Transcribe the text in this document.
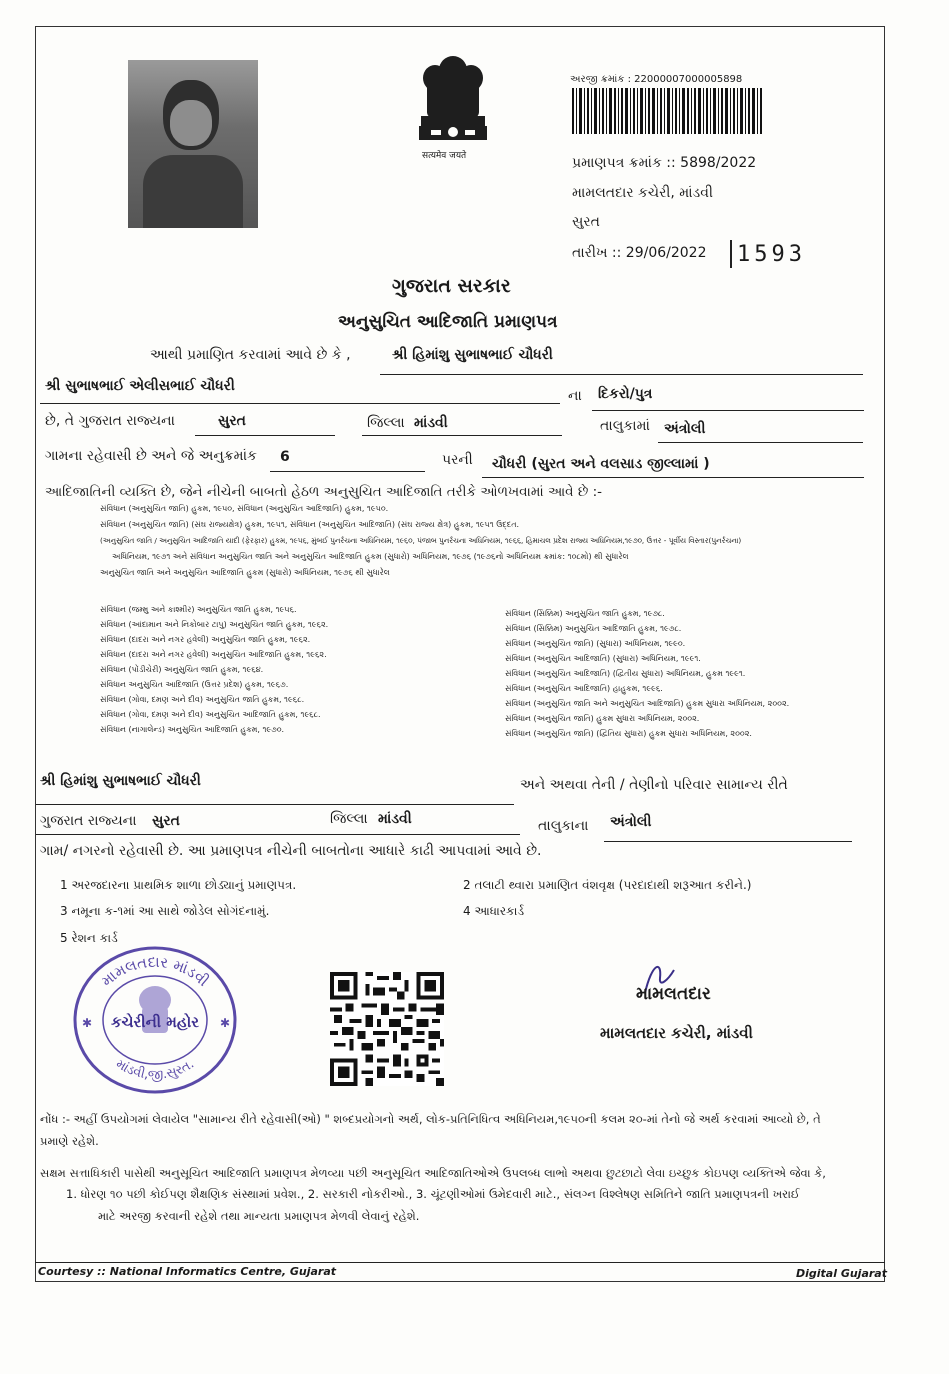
सत्यमेव जयते
અરજી ક્રમાંક : 22000007000005898
પ્રમાણપત્ર ક્રમાંક :: 5898/2022
મામલતદાર કચેરી, માંડવી
સુરત
તારીખ :: 29/06/2022 1593
ગુજરાત સરકાર
અનુસુચિત આદિજાતિ પ્રમાણપત્ર
આથી પ્રમાણિત કરવામાં આવે છે કે ,	શ્રી હિમાંશુ સુભાષભાઈ ચૌધરી
શ્રી સુભાષભાઈ એલીસભાઈ ચૌધરી
ના દિકરો/પુત્ર
છે, તે ગુજરાત રાજ્યના	સુરત	જિલ્લા માંડવી	તાલુકામાં અંત્રોલી
ગામના રહેવાસી છે અને જે અનુક્રમાંક 6	પરની ચૌધરી (સુરત અને વલસાડ જીલ્લામાં )
આદિજાતિની વ્યક્તિ છે, જેને નીચેની બાબતો હેઠળ અનુસુચિત આદિજાતિ તરીકે ઓળખવામાં આવે છે :-
સંવિધાન (અનુસુચિત જાતિ) હુકમ, ૧૯૫૦, સંવિધાન (અનુસુચિત આદિજાતિ) હુકમ, ૧૯૫૦.
સંવિધાન (અનુસુચિત જાતિ) (સંઘ રાજ્યક્ષેત્ર) હુકમ, ૧૯૫૧, સંવિધાન (અનુસુચિત આદિજાતિ) (સંઘ રાજ્ય ક્ષેત્ર) હુકમ, ૧૯૫૧ ઉદ્દત.
(અનુસુચિત જાતિ / અનુસુચિત આદિજાતિ યાદી (ફેરફાર) હુકમ, ૧૯૫૬, મુંબઈ પુનર્રચના અધિનિયમ, ૧૯૬૦, પંજાબ પુનર્રચના અધિનિયમ, ૧૯૬૬, હિમાચલ પ્રદેશ રાજ્ય અધિનિયમ,૧૯૭૦, ઉત્તર - પૂર્વીય વિસ્તાર(પુનર્રચના)
અધિનિયમ, ૧૯૭૧ અને સંવિધાન અનુસુચિત જાતિ અને અનુસુચિત આદિજાતિ હુકમ (સુધારો) અધિનિયમ, ૧૯૭૬ (૧૯૭૬નો અધિનિયમ ક્રમાંક: ૧૦૮મો) થી સુધારેલ
અનુસુચિત જાતિ અને અનુસુચિત આદિજાતિ હુકમ (સુધારો) અધિનિયમ, ૧૯૭૬ થી સુધારેલ
સંવિધાન (જમ્મુ અને કાશ્મીર) અનુસુચિત જાતિ હુકમ, ૧૯૫૬.
સંવિધાન (આંદામાન અને નિકોબાર ટાપુ) અનુસુચિત જાતિ હુકમ, ૧૯૬૨.
સંવિધાન (દાદરા અને નગર હવેલી) અનુસુચિત જાતિ હુકમ, ૧૯૬૨.
સંવિધાન (દાદરા અને નગર હવેલી) અનુસુચિત આદિજાતિ હુકમ, ૧૯૬૨.
સંવિધાન (પોંડીચેરી) અનુસુચિત જાતિ હુકમ, ૧૯૬૪.
સંવિધાન અનુસુચિત આદિજાતિ (ઉત્તર પ્રદેશ) હુકમ, ૧૯૬૭.
સંવિધાન (ગોવા, દમણ અને દીવ) અનુસુચિત જાતિ હુકમ, ૧૯૬૮.
સંવિધાન (ગોવા, દમણ અને દીવ) અનુસુચિત આદિજાતિ હુકમ, ૧૯૬૮.
સંવિધાન (નાગાલેન્ડ) અનુસુચિત આદિજાતિ હુકમ, ૧૯૭૦.
સંવિધાન (સિક્કિમ) અનુસુચિત જાતિ હુકમ, ૧૯૭૮.
સંવિધાન (સિક્કિમ) અનુસુચિત આદિજાતિ હુકમ, ૧૯૭૮.
સંવિધાન (અનુસુચિત જાતિ) (સુધારા) અધિનિયમ, ૧૯૯૦.
સંવિધાન (અનુસુચિત આદિજાતિ) (સુધારા) અધિનિયમ, ૧૯૯૧.
સંવિધાન (અનુસુચિત આદિજાતિ) (દ્વિતીય સુધારા) અધિનિયમ, હુકમ ૧૯૯૧.
સંવિધાન (અનુસુચિત આદિજાતિ) હાહુકમ, ૧૯૯૬.
સંવિધાન (અનુસુચિત જાતિ અને અનુસુચિત આદિજાતિ) હુકમ સુધારા અધિનિયમ, ૨૦૦૨.
સંવિધાન (અનુસુચિત જાતિ) હુકમ સુધારા અધિનિયમ, ૨૦૦૨.
સંવિધાન (અનુસુચિત જાતિ) (દ્વિતિય સુધારા) હુકમ સુધારા અધિનિયમ, ૨૦૦૨.
શ્રી હિમાંશુ સુભાષભાઈ ચૌધરી	અને અથવા તેની / તેણીનો પરિવાર સામાન્ય રીતે
ગુજરાત રાજ્યના સુરત	જિલ્લા માંડવી	તાલુકાના અંત્રોલી
ગામ/ નગરનો રહેવાસી છે. આ પ્રમાણપત્ર નીચેની બાબતોના આધારે કાઢી આપવામાં આવે છે.
1 અરજદારના પ્રાથમિક શાળા છોડ્યાનું પ્રમાણપત્ર.	2 તલાટી થ્વારા પ્રમાણિત વંશવૃક્ષ (પરદાદાથી શરૂઆત કરીને.)
3 નમૂના ક-૧માં આ સાથે જોડેલ સોગંદનામું.	4 આધારકાર્ડ
5 રેશન કાર્ડ
મામલતદાર માંડવી
માંડવી,જી.સુરત.
કચેરીની મહોર
✱	✱
મામલતદાર
મામલતદાર કચેરી, માંડવી
નોંધ :- અહીં ઉપયોગમાં લેવાયેલ "સામાન્ય રીતે રહેવાસી(ઓ) " શબ્દપ્રયોગનો અર્થ, લોક-પ્રતિનિધિત્વ અધિનિયમ,૧૯૫૦ની કલમ ૨૦-માં તેનો જે અર્થ કરવામાં આવ્યો છે, તે
પ્રમાણે રહેશે.
સક્ષમ સત્તાધિકારી પાસેથી અનુસૂચિત આદિજાતિ પ્રમાણપત્ર મેળવ્યા પછી અનુસૂચિત આદિજાતિઓએ ઉપલબ્ધ લાભો અથવા છુટછાટો લેવા ઇચ્છુક કોઇપણ વ્યક્તિએ જેવા કે,
1. ધોરણ ૧૦ પછી કોઈપણ શૈક્ષણિક સંસ્થામાં પ્રવેશ., 2. સરકારી નોકરીઓ., 3. ચૂંટણીઓમાં ઉમેદવારી માટે., સંલગ્ન વિશ્લેષણ સમિતિને જાતિ પ્રમાણપત્રની ખરાઈ
માટે અરજી કરવાની રહેશે તથા માન્યતા પ્રમાણપત્ર મેળવી લેવાનું રહેશે.
Courtesy :: National Informatics Centre, Gujarat	Digital Gujarat
